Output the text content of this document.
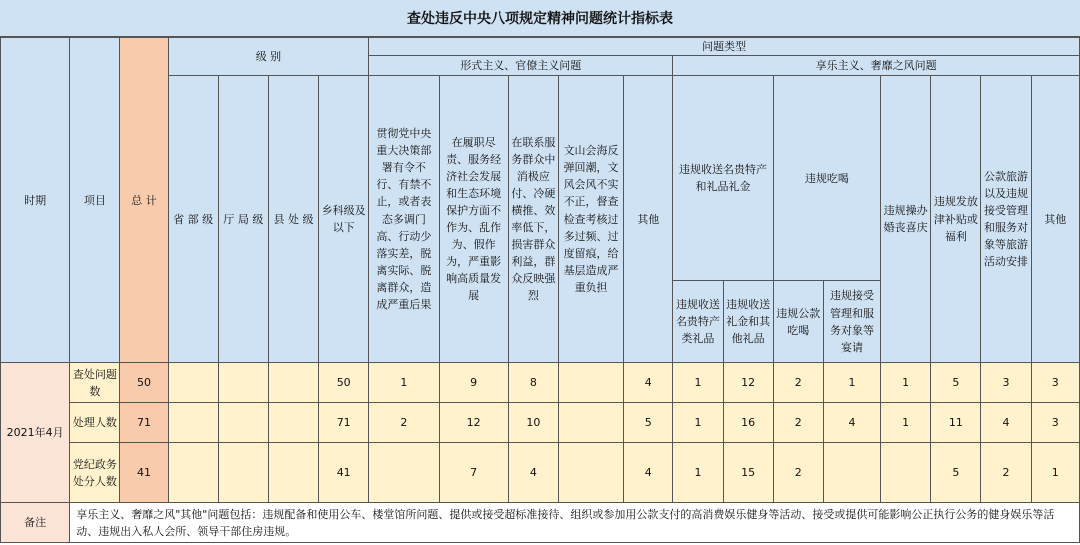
查处违反中央八项规定精神问题统计指标表
时期	项目	总 计	级 别				问题类型												
							形式主义、官僚主义问题					享乐主义、奢靡之风问题							
			省 部 级	厅 局 级	县 处 级	乡科级及以下	贯彻党中央重大决策部署有令不行、有禁不止，或者表态多调门高、行动少落实差，脱离实际、脱离群众，造成严重后果	在履职尽责、服务经济社会发展和生态环境保护方面不作为、乱作为、假作为，严重影响高质量发展	在联系服务群众中消极应付、冷硬横推、效率低下，损害群众利益，群众反映强烈	文山会海反弹回潮，文风会风不实不正，督查检查考核过多过频、过度留痕，给基层造成严重负担	其他	违规收送名贵特产和礼品礼金		违规吃喝		违规操办婚丧喜庆	违规发放津补贴或福利	公款旅游以及违规接受管理和服务对象等旅游活动安排	其他
												违规收送名贵特产类礼品	违规收送礼金和其他礼品	违规公款吃喝	违规接受管理和服务对象等宴请				
2021年4月	查处问题数	50				50	1	9	8		4	1	12	2	1	1	5	3	3
	处理人数	71				71	2	12	10		5	1	16	2	4	1	11	4	3
	党纪政务处分人数	41				41		7	4		4	1	15	2			5	2	1
备注	享乐主义、奢靡之风"其他"问题包括：违规配备和使用公车、楼堂馆所问题、提供或接受超标准接待、组织或参加用公款支付的高消费娱乐健身等活动、接受或提供可能影响公正执行公务的健身娱乐等活动、违规出入私人会所、领导干部住房违规。																		
